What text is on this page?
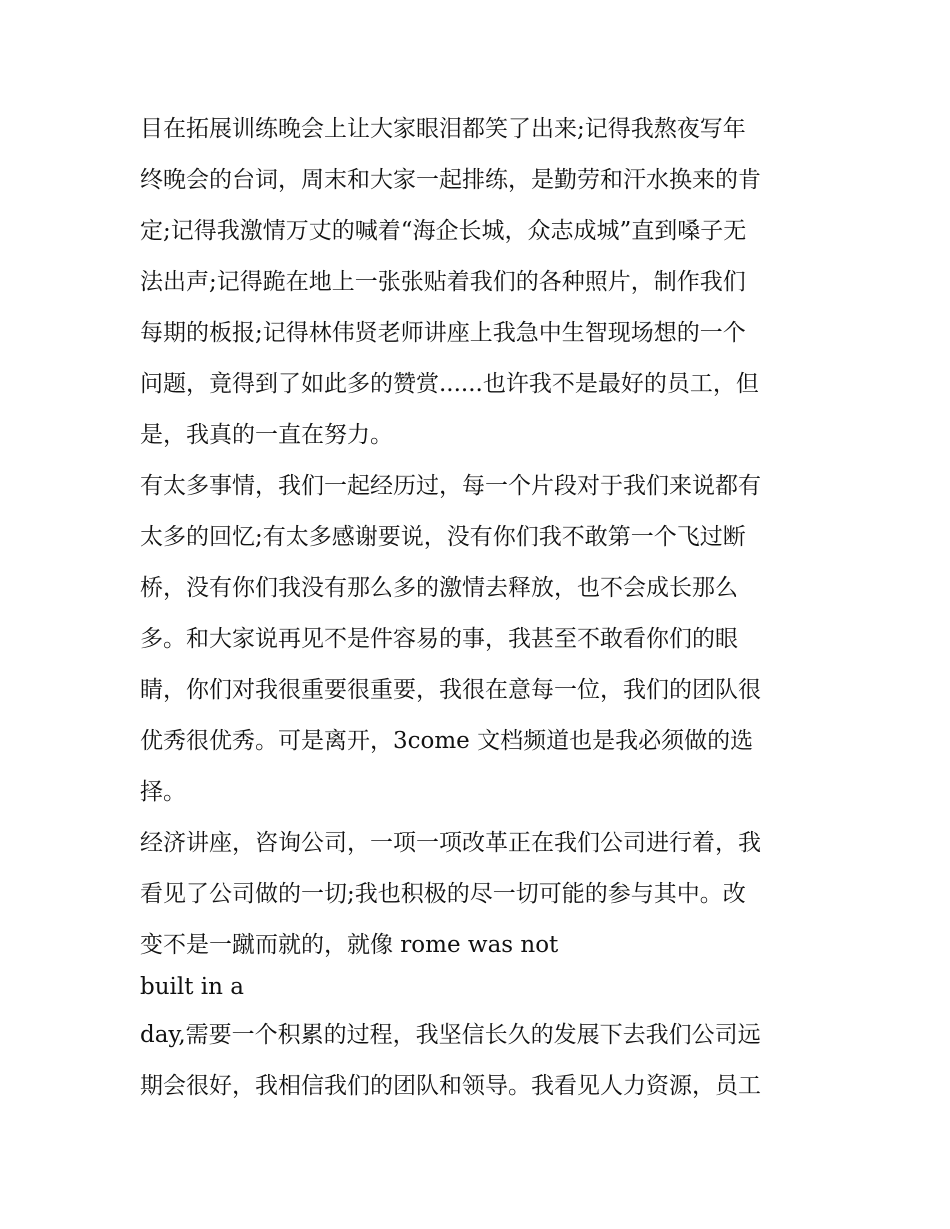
目在拓展训练晚会上让大家眼泪都笑了出来;记得我熬夜写年
终晚会的台词，周末和大家一起排练，是勤劳和汗水换来的肯
定;记得我激情万丈的喊着“海企长城，众志成城”直到嗓子无
法出声;记得跪在地上一张张贴着我们的各种照片，制作我们
每期的板报;记得林伟贤老师讲座上我急中生智现场想的一个
问题，竟得到了如此多的赞赏......也许我不是最好的员工，但
是，我真的一直在努力。
有太多事情，我们一起经历过，每一个片段对于我们来说都有
太多的回忆;有太多感谢要说，没有你们我不敢第一个飞过断
桥，没有你们我没有那么多的激情去释放，也不会成长那么
多。和大家说再见不是件容易的事，我甚至不敢看你们的眼
睛，你们对我很重要很重要，我很在意每一位，我们的团队很
优秀很优秀。可是离开，3come 文档频道也是我必须做的选
择。
经济讲座，咨询公司，一项一项改革正在我们公司进行着，我
看见了公司做的一切;我也积极的尽一切可能的参与其中。改
变不是一蹴而就的，就像 rome was not
built in a
day,需要一个积累的过程，我坚信长久的发展下去我们公司远
期会很好，我相信我们的团队和领导。我看见人力资源，员工
